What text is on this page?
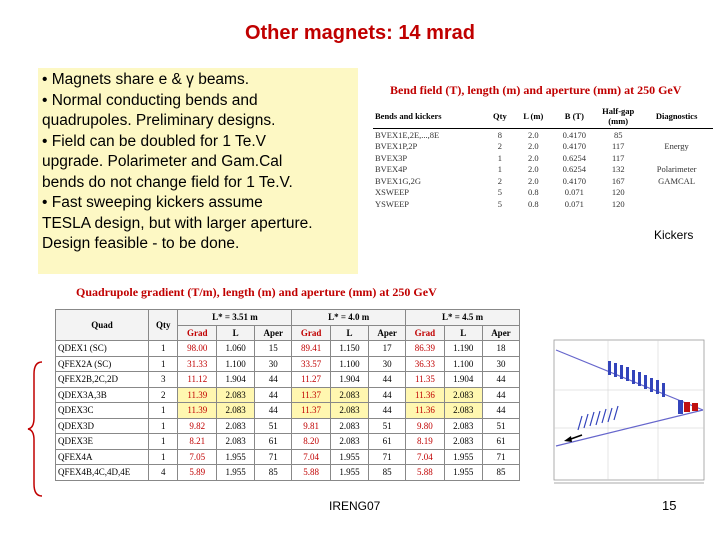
Other magnets: 14 mrad
• Magnets share e & γ beams.
• Normal conducting bends and
quadrupoles. Preliminary designs.
• Field can be doubled for 1 Te.V
upgrade. Polarimeter and Gam.Cal
bends do not change field for 1 Te.V.
• Fast sweeping kickers assume
TESLA design, but with larger aperture.
Design feasible - to be done.
Bend field (T), length (m) and aperture (mm) at 250 GeV
Bends and kickers	Qty	L (m)	B (T)	Half-gap (mm)	Diagnostics
BVEX1E,2E,...,8E	8	2.0	0.4170	85	
BVEX1P,2P	2	2.0	0.4170	117	Energy
BVEX3P	1	2.0	0.6254	117	
BVEX4P	1	2.0	0.6254	132	Polarimeter
BVEX1G,2G	2	2.0	0.4170	167	GAMCAL
XSWEEP	5	0.8	0.071	120	
YSWEEP	5	0.8	0.071	120	
Kickers
Quadrupole gradient (T/m), length (m) and aperture (mm) at 250 GeV
Quad	Qty	L* = 3.51 m			L* = 4.0 m			L* = 4.5 m		
		Grad	L	Aper	Grad	L	Aper	Grad	L	Aper
QDEX1 (SC)	1	98.00	1.060	15	89.41	1.150	17	86.39	1.190	18
QFEX2A (SC)	1	31.33	1.100	30	33.57	1.100	30	36.33	1.100	30
QFEX2B,2C,2D	3	11.12	1.904	44	11.27	1.904	44	11.35	1.904	44
QDEX3A,3B	2	11.39	2.083	44	11.37	2.083	44	11.36	2.083	44
QDEX3C	1	11.39	2.083	44	11.37	2.083	44	11.36	2.083	44
QDEX3D	1	9.82	2.083	51	9.81	2.083	51	9.80	2.083	51
QDEX3E	1	8.21	2.083	61	8.20	2.083	61	8.19	2.083	61
QFEX4A	1	7.05	1.955	71	7.04	1.955	71	7.04	1.955	71
QFEX4B,4C,4D,4E	4	5.89	1.955	85	5.88	1.955	85	5.88	1.955	85
IRENG07	15
